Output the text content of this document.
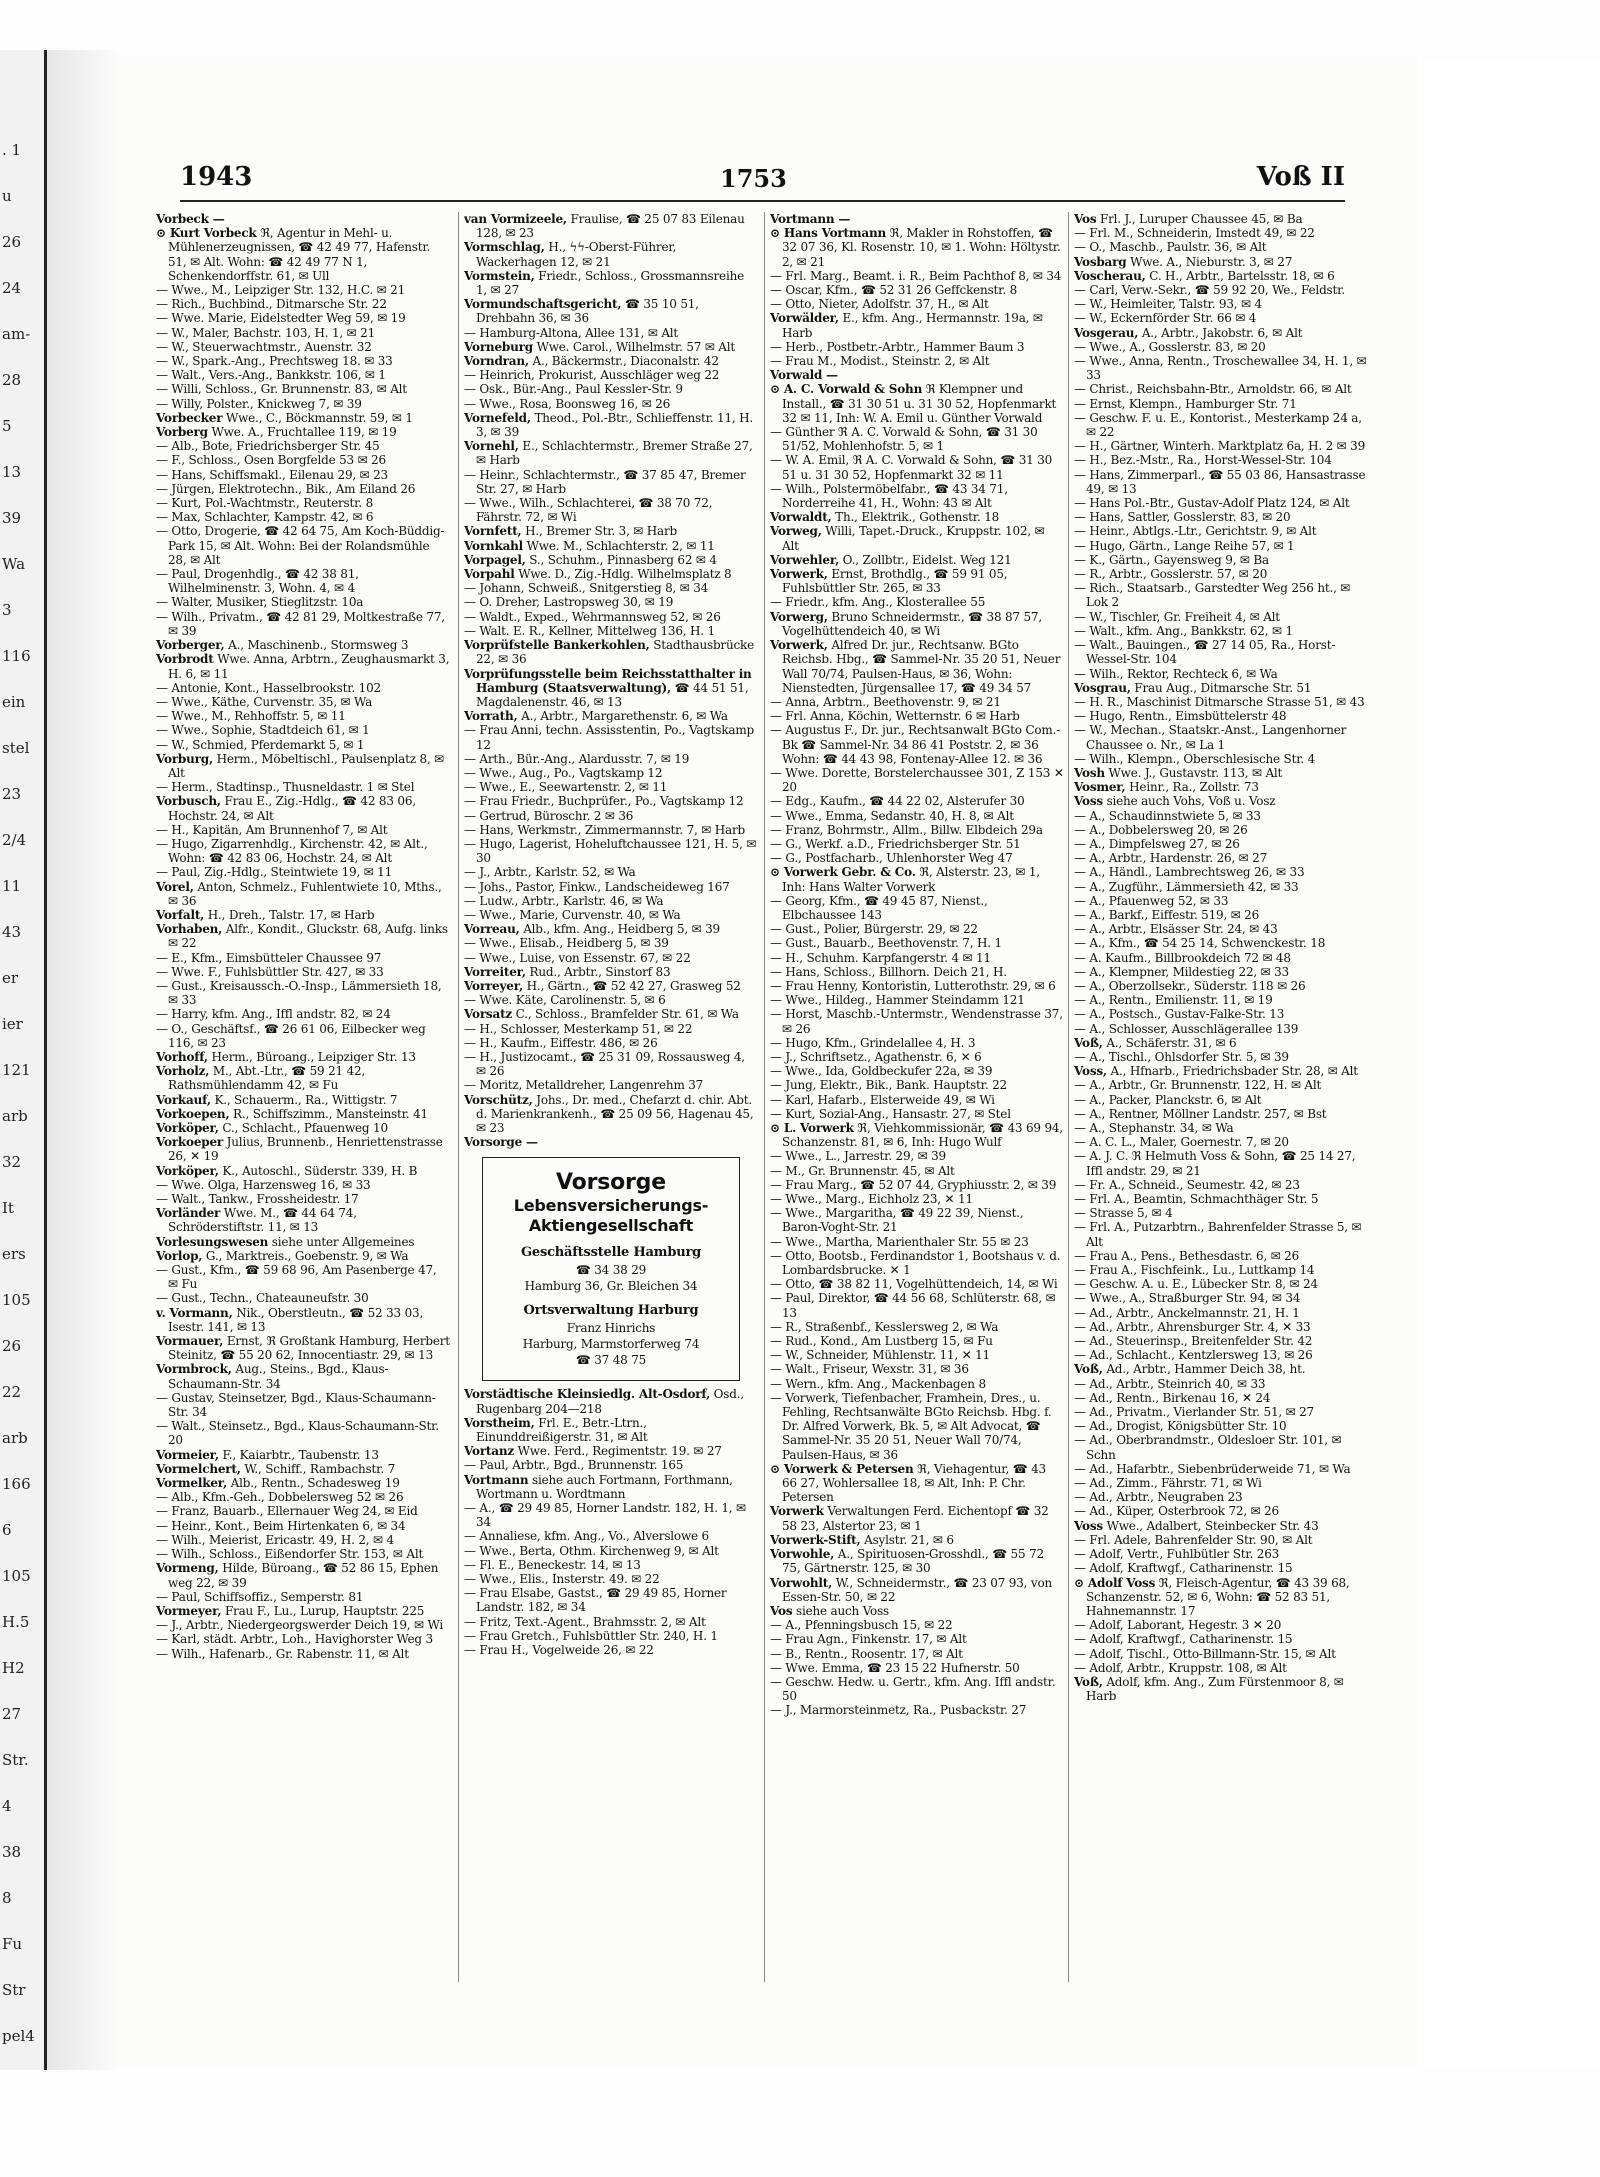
. 1
u
26
24
am-
28
5
13
39
Wa
3
116
ein
stel
23
2/4
11
43
er
ier
121
arb
32
It
ers
105
26
22
arb
166
6
105
H.5
H2
27
Str.
4
38
8
Fu
Str
pel4
1943	1753	Voß II

Vorbeck —

⊙ Kurt Vorbeck ℜ, Agentur in Mehl- u. Mühlenerzeugnissen, ☎ 42 49 77, Hafenstr. 51, ✉ Alt. Wohn: ☎ 42 49 77 N 1, Schenkendorffstr. 61, ✉ Ull

— Wwe., M., Leipziger Str. 132, H.C. ✉ 21

— Rich., Buchbind., Ditmarsche Str. 22

— Wwe. Marie, Eidelstedter Weg 59, ✉ 19

— W., Maler, Bachstr. 103, H. 1, ✉ 21

— W., Steuerwachtmstr., Auenstr. 32

— W., Spark.-Ang., Prechtsweg 18. ✉ 33

— Walt., Vers.-Ang., Bankkstr. 106, ✉ 1

— Willi, Schloss., Gr. Brunnenstr. 83, ✉ Alt

— Willy, Polster., Knickweg 7, ✉ 39

Vorbecker Wwe., C., Böckmannstr. 59, ✉ 1

Vorberg Wwe. A., Fruchtallee 119, ✉ 19

— Alb., Bote, Friedrichsberger Str. 45

— F., Schloss., Osen Borgfelde 53 ✉ 26

— Hans, Schiffsmakl., Eilenau 29, ✉ 23

— Jürgen, Elektrotechn., Bik., Am Eiland 26

— Kurt, Pol.-Wachtmstr., Reuterstr. 8

— Max, Schlachter, Kampstr. 42, ✉ 6

— Otto, Drogerie, ☎ 42 64 75, Am Koch-Büddig-Park 15, ✉ Alt. Wohn: Bei der Rolandsmühle 28, ✉ Alt

— Paul, Drogenhdlg., ☎ 42 38 81, Wilhelminenstr. 3, Wohn. 4, ✉ 4

— Walter, Musiker, Stieglitzstr. 10a

— Wilh., Privatm., ☎ 42 81 29, Moltkestraße 77, ✉ 39

Vorberger, A., Maschinenb., Stormsweg 3

Vorbrodt Wwe. Anna, Arbtrn., Zeughausmarkt 3, H. 6, ✉ 11

— Antonie, Kont., Hasselbrookstr. 102

— Wwe., Käthe, Curvenstr. 35, ✉ Wa

— Wwe., M., Rehhoffstr. 5, ✉ 11

— Wwe., Sophie, Stadtdeich 61, ✉ 1

— W., Schmied, Pferdemarkt 5, ✉ 1

Vorburg, Herm., Möbeltischl., Paulsenplatz 8, ✉ Alt

— Herm., Stadtinsp., Thusneldastr. 1 ✉ Stel

Vorbusch, Frau E., Zig.-Hdlg., ☎ 42 83 06, Hochstr. 24, ✉ Alt

— H., Kapitän, Am Brunnenhof 7, ✉ Alt

— Hugo, Zigarrenhdlg., Kirchenstr. 42, ✉ Alt., Wohn: ☎ 42 83 06, Hochstr. 24, ✉ Alt

— Paul, Zig.-Hdlg., Steintwiete 19, ✉ 11

Vorel, Anton, Schmelz., Fuhlentwiete 10, Mths., ✉ 36

Vorfalt, H., Dreh., Talstr. 17, ✉ Harb

Vorhaben, Alfr., Kondit., Gluckstr. 68, Aufg. links ✉ 22

— E., Kfm., Eimsbütteler Chaussee 97

— Wwe. F., Fuhlsbüttler Str. 427, ✉ 33

— Gust., Kreisaussch.-O.-Insp., Lämmersieth 18, ✉ 33

— Harry, kfm. Ang., Iffl andstr. 82, ✉ 24

— O., Geschäftsf., ☎ 26 61 06, Eilbecker weg 116, ✉ 23

Vorhoff, Herm., Büroang., Leipziger Str. 13

Vorholz, M., Abt.-Ltr., ☎ 59 21 42, Rathsmühlendamm 42, ✉ Fu

Vorkauf, K., Schauerm., Ra., Wittigstr. 7

Vorkoepen, R., Schiffszimm., Mansteinstr. 41

Vorköper, C., Schlacht., Pfauenweg 10

Vorkoeper Julius, Brunnenb., Henriettenstrasse 26, ✕ 19

Vorköper, K., Autoschl., Süderstr. 339, H. B

— Wwe. Olga, Harzensweg 16, ✉ 33

— Walt., Tankw., Frossheidestr. 17

Vorländer Wwe. M., ☎ 44 64 74, Schröderstiftstr. 11, ✉ 13

Vorlesungswesen siehe unter Allgemeines

Vorlop, G., Marktreis., Goebenstr. 9, ✉ Wa

— Gust., Kfm., ☎ 59 68 96, Am Pasenberge 47, ✉ Fu

— Gust., Techn., Chateauneufstr. 30

v. Vormann, Nik., Oberstleutn., ☎ 52 33 03, Isestr. 141, ✉ 13

Vormauer, Ernst, ℜ Großtank Hamburg, Herbert Steinitz, ☎ 55 20 62, Innocentiastr. 29, ✉ 13

Vormbrock, Aug., Steins., Bgd., Klaus-Schaumann-Str. 34

— Gustav, Steinsetzer, Bgd., Klaus-Schaumann-Str. 34

— Walt., Steinsetz., Bgd., Klaus-Schaumann-Str. 20

Vormeier, F., Kaiarbtr., Taubenstr. 13

Vormelchert, W., Schiff., Rambachstr. 7

Vormelker, Alb., Rentn., Schadesweg 19

— Alb., Kfm.-Geh., Dobbelersweg 52 ✉ 26

— Franz, Bauarb., Ellernauer Weg 24, ✉ Eid

— Heinr., Kont., Beim Hirtenkaten 6, ✉ 34

— Wilh., Meierist, Ericastr. 49, H. 2, ✉ 4

— Wilh., Schloss., Eißendorfer Str. 153, ✉ Alt

Vormeng, Hilde, Büroang., ☎ 52 86 15, Ephen weg 22, ✉ 39

— Paul, Schiffsoffiz., Semperstr. 81

Vormeyer, Frau F., Lu., Lurup, Hauptstr. 225

— J., Arbtr., Niedergeorgswerder Deich 19, ✉ Wi

— Karl, städt. Arbtr., Loh., Havighorster Weg 3

— Wilh., Hafenarb., Gr. Rabenstr. 11, ✉ Alt

van Vormizeele, Fraulise, ☎ 25 07 83 Eilenau 128, ✉ 23

Vormschlag, H., ϟϟ-Oberst-Führer, Wackerhagen 12, ✉ 21

Vormstein, Friedr., Schloss., Grossmannsreihe 1, ✉ 27

Vormundschaftsgericht, ☎ 35 10 51, Drehbahn 36, ✉ 36

— Hamburg-Altona, Allee 131, ✉ Alt

Vorneburg Wwe. Carol., Wilhelmstr. 57 ✉ Alt

Vorndran, A., Bäckermstr., Diaconalstr. 42

— Heinrich, Prokurist, Ausschläger weg 22

— Osk., Bür.-Ang., Paul Kessler-Str. 9

— Wwe., Rosa, Boonsweg 16, ✉ 26

Vornefeld, Theod., Pol.-Btr., Schlieffenstr. 11, H. 3, ✉ 39

Vornehl, E., Schlachtermstr., Bremer Straße 27, ✉ Harb

— Heinr., Schlachtermstr., ☎ 37 85 47, Bremer Str. 27, ✉ Harb

— Wwe., Wilh., Schlachterei, ☎ 38 70 72, Fährstr. 72, ✉ Wi

Vornfett, H., Bremer Str. 3, ✉ Harb

Vornkahl Wwe. M., Schlachterstr. 2, ✉ 11

Vorpagel, S., Schuhm., Pinnasberg 62 ✉ 4

Vorpahl Wwe. D., Zig.-Hdlg. Wilhelmsplatz 8

— Johann, Schweiß., Snitgerstieg 8, ✉ 34

— O. Dreher, Lastropsweg 30, ✉ 19

— Waldt., Exped., Wehrmannsweg 52, ✉ 26

— Walt. E. R., Kellner, Mittelweg 136, H. 1

Vorprüfstelle Bankerkohlen, Stadthausbrücke 22, ✉ 36

Vorprüfungsstelle beim Reichsstatthalter in Hamburg (Staatsverwaltung), ☎ 44 51 51, Magdalenenstr. 46, ✉ 13

Vorrath, A., Arbtr., Margarethenstr. 6, ✉ Wa

— Frau Anni, techn. Assisstentin, Po., Vagtskamp 12

— Arth., Bür.-Ang., Alardusstr. 7, ✉ 19

— Wwe., Aug., Po., Vagtskamp 12

— Wwe., E., Seewartenstr. 2, ✉ 11

— Frau Friedr., Buchprüfer., Po., Vagtskamp 12

— Gertrud, Büroschr. 2 ✉ 36

— Hans, Werkmstr., Zimmermannstr. 7, ✉ Harb

— Hugo, Lagerist, Hoheluftchaussee 121, H. 5, ✉ 30

— J., Arbtr., Karlstr. 52, ✉ Wa

— Johs., Pastor, Finkw., Landscheideweg 167

— Ludw., Arbtr., Karlstr. 46, ✉ Wa

— Wwe., Marie, Curvenstr. 40, ✉ Wa

Vorreau, Alb., kfm. Ang., Heidberg 5, ✉ 39

— Wwe., Elisab., Heidberg 5, ✉ 39

— Wwe., Luise, von Essenstr. 67, ✉ 22

Vorreiter, Rud., Arbtr., Sinstorf 83

Vorreyer, H., Gärtn., ☎ 52 42 27, Grasweg 52

— Wwe. Käte, Carolinenstr. 5, ✉ 6

Vorsatz C., Schloss., Bramfelder Str. 61, ✉ Wa

— H., Schlosser, Mesterkamp 51, ✉ 22

— H., Kaufm., Eiffestr. 486, ✉ 26

— H., Justizocamt., ☎ 25 31 09, Rossausweg 4, ✉ 26

— Moritz, Metalldreher, Langenrehm 37

Vorschütz, Johs., Dr. med., Chefarzt d. chir. Abt. d. Marienkrankenh., ☎ 25 09 56, Hagenau 45, ✉ 23

Vorsorge —

Vorsorge
Lebensversicherungs-
Aktiengesellschaft
Geschäftsstelle Hamburg
☎ 34 38 29
Hamburg 36, Gr. Bleichen 34
Ortsverwaltung Harburg
Franz Hinrichs
Harburg, Marmstorferweg 74
☎ 37 48 75

Vorstädtische Kleinsiedlg. Alt-Osdorf, Osd., Rugenbarg 204—218

Vorstheim, Frl. E., Betr.-Ltrn., Einunddreißigerstr. 31, ✉ Alt

Vortanz Wwe. Ferd., Regimentstr. 19. ✉ 27

— Paul, Arbtr., Bgd., Brunnenstr. 165

Vortmann siehe auch Fortmann, Forthmann, Wortmann u. Wordtmann

— A., ☎ 29 49 85, Horner Landstr. 182, H. 1, ✉ 34

— Annaliese, kfm. Ang., Vo., Alverslowe 6

— Wwe., Berta, Othm. Kirchenweg 9, ✉ Alt

— Fl. E., Beneckestr. 14, ✉ 13

— Wwe., Elis., Insterstr. 49. ✉ 22

— Frau Elsabe, Gastst., ☎ 29 49 85, Horner Landstr. 182, ✉ 34

— Fritz, Text.-Agent., Brahmsstr. 2, ✉ Alt

— Frau Gretch., Fuhlsbüttler Str. 240, H. 1

— Frau H., Vogelweide 26, ✉ 22

Vortmann —

⊙ Hans Vortmann ℜ, Makler in Rohstoffen, ☎ 32 07 36, Kl. Rosenstr. 10, ✉ 1. Wohn: Höltystr. 2, ✉ 21

— Frl. Marg., Beamt. i. R., Beim Pachthof 8, ✉ 34

— Oscar, Kfm., ☎ 52 31 26 Geffckenstr. 8

— Otto, Nieter, Adolfstr. 37, H., ✉ Alt

Vorwälder, E., kfm. Ang., Hermannstr. 19a, ✉ Harb

— Herb., Postbetr.-Arbtr., Hammer Baum 3

— Frau M., Modist., Steinstr. 2, ✉ Alt

Vorwald —

⊙ A. C. Vorwald & Sohn ℜ Klempner und Install., ☎ 31 30 51 u. 31 30 52, Hopfenmarkt 32 ✉ 11, Inh: W. A. Emil u. Günther Vorwald

— Günther ℜ A. C. Vorwald & Sohn, ☎ 31 30 51/52, Mohlenhofstr. 5, ✉ 1

— W. A. Emil, ℜ A. C. Vorwald & Sohn, ☎ 31 30 51 u. 31 30 52, Hopfenmarkt 32 ✉ 11

— Wilh., Polstermöbelfabr., ☎ 43 34 71, Norderreihe 41, H., Wohn: 43 ✉ Alt

Vorwaldt, Th., Elektrik., Gothenstr. 18

Vorweg, Willi, Tapet.-Druck., Kruppstr. 102, ✉ Alt

Vorwehler, O., Zollbtr., Eidelst. Weg 121

Vorwerk, Ernst, Brothdlg., ☎ 59 91 05, Fuhlsbüttler Str. 265, ✉ 33

— Friedr., kfm. Ang., Klosterallee 55

Vorwerg, Bruno Schneidermstr., ☎ 38 87 57, Vogelhüttendeich 40, ✉ Wi

Vorwerk, Alfred Dr. jur., Rechtsanw. BGto Reichsb. Hbg., ☎ Sammel-Nr. 35 20 51, Neuer Wall 70/74, Paulsen-Haus, ✉ 36, Wohn: Nienstedten, Jürgensallee 17, ☎ 49 34 57

— Anna, Arbtrn., Beethovenstr. 9, ✉ 21

— Frl. Anna, Köchin, Wetternstr. 6 ✉ Harb

— Augustus F., Dr. jur., Rechtsanwalt BGto Com.-Bk ☎ Sammel-Nr. 34 86 41 Poststr. 2, ✉ 36 Wohn: ☎ 44 43 98, Fontenay-Allee 12. ✉ 36

— Wwe. Dorette, Borstelerchaussee 301, Z 153 ✕ 20

— Edg., Kaufm., ☎ 44 22 02, Alsterufer 30

— Wwe., Emma, Sedanstr. 40, H. 8, ✉ Alt

— Franz, Bohrmstr., Allm., Billw. Elbdeich 29a

— G., Werkf. a.D., Friedrichsberger Str. 51

— G., Postfacharb., Uhlenhorster Weg 47

⊙ Vorwerk Gebr. & Co. ℜ, Alsterstr. 23, ✉ 1, Inh: Hans Walter Vorwerk

— Georg, Kfm., ☎ 49 45 87, Nienst., Elbchaussee 143

— Gust., Polier, Bürgerstr. 29, ✉ 22

— Gust., Bauarb., Beethovenstr. 7, H. 1

— H., Schuhm. Karpfangerstr. 4 ✉ 11

— Hans, Schloss., Billhorn. Deich 21, H.

— Frau Henny, Kontoristin, Lutterothstr. 29, ✉ 6

— Wwe., Hildeg., Hammer Steindamm 121

— Horst, Maschb.-Untermstr., Wendenstrasse 37, ✉ 26

— Hugo, Kfm., Grindelallee 4, H. 3

— J., Schriftsetz., Agathenstr. 6, ✕ 6

— Wwe., Ida, Goldbeckufer 22a, ✉ 39

— Jung, Elektr., Bik., Bank. Hauptstr. 22

— Karl, Hafarb., Elsterweide 49, ✉ Wi

— Kurt, Sozial-Ang., Hansastr. 27, ✉ Stel

⊙ L. Vorwerk ℜ, Viehkommissionär, ☎ 43 69 94, Schanzenstr. 81, ✉ 6, Inh: Hugo Wulf

— Wwe., L., Jarrestr. 29, ✉ 39

— M., Gr. Brunnenstr. 45, ✉ Alt

— Frau Marg., ☎ 52 07 44, Gryphiusstr. 2, ✉ 39

— Wwe., Marg., Eichholz 23, ✕ 11

— Wwe., Margaritha, ☎ 49 22 39, Nienst., Baron-Voght-Str. 21

— Wwe., Martha, Marienthaler Str. 55 ✉ 23

— Otto, Bootsb., Ferdinandstor 1, Bootshaus v. d. Lombardsbrucke. ✕ 1

— Otto, ☎ 38 82 11, Vogelhüttendeich, 14, ✉ Wi

— Paul, Direktor, ☎ 44 56 68, Schlüterstr. 68, ✉ 13

— R., Straßenbf., Kesslersweg 2, ✉ Wa

— Rud., Kond., Am Lustberg 15, ✉ Fu

— W., Schneider, Mühlenstr. 11, ✕ 11

— Walt., Friseur, Wexstr. 31, ✉ 36

— Wern., kfm. Ang., Mackenbagen 8

— Vorwerk, Tiefenbacher, Framhein, Dres., u. Fehling, Rechtsanwälte BGto Reichsb. Hbg. f. Dr. Alfred Vorwerk, Bk. 5, ✉ Alt Advocat, ☎ Sammel-Nr. 35 20 51, Neuer Wall 70/74, Paulsen-Haus, ✉ 36

⊙ Vorwerk & Petersen ℜ, Viehagentur, ☎ 43 66 27, Wohlersallee 18, ✉ Alt, Inh: P. Chr. Petersen

Vorwerk Verwaltungen Ferd. Eichentopf ☎ 32 58 23, Alstertor 23, ✉ 1

Vorwerk-Stift, Asylstr. 21, ✉ 6

Vorwohle, A., Spirituosen-Grosshdl., ☎ 55 72 75, Gärtnerstr. 125, ✉ 30

Vorwohlt, W., Schneidermstr., ☎ 23 07 93, von Essen-Str. 50, ✉ 22

Vos siehe auch Voss

— A., Pfenningsbusch 15, ✉ 22

— Frau Agn., Finkenstr. 17, ✉ Alt

— B., Rentn., Roosentr. 17, ✉ Alt

— Wwe. Emma, ☎ 23 15 22 Hufnerstr. 50

— Geschw. Hedw. u. Gertr., kfm. Ang. Iffl andstr. 50

— J., Marmorsteinmetz, Ra., Pusbackstr. 27

Vos Frl. J., Luruper Chaussee 45, ✉ Ba

— Frl. M., Schneiderin, Imstedt 49, ✉ 22

— O., Maschb., Paulstr. 36, ✉ Alt

Vosbarg Wwe. A., Nieburstr. 3, ✉ 27

Voscherau, C. H., Arbtr., Bartelsstr. 18, ✉ 6

— Carl, Verw.-Sekr., ☎ 59 92 20, We., Feldstr.

— W., Heimleiter, Talstr. 93, ✉ 4

— W., Eckernförder Str. 66 ✉ 4

Vosgerau, A., Arbtr., Jakobstr. 6, ✉ Alt

— Wwe., A., Gosslerstr. 83, ✉ 20

— Wwe., Anna, Rentn., Troschewallee 34, H. 1, ✉ 33

— Christ., Reichsbahn-Btr., Arnoldstr. 66, ✉ Alt

— Ernst, Klempn., Hamburger Str. 71

— Geschw. F. u. E., Kontorist., Mesterkamp 24 a, ✉ 22

— H., Gärtner, Winterh. Marktplatz 6a, H. 2 ✉ 39

— H., Bez.-Mstr., Ra., Horst-Wessel-Str. 104

— Hans, Zimmerparl., ☎ 55 03 86, Hansastrasse 49, ✉ 13

— Hans Pol.-Btr., Gustav-Adolf Platz 124, ✉ Alt

— Hans, Sattler, Gosslerstr. 83, ✉ 20

— Heinr., Abtlgs.-Ltr., Gerichtstr. 9, ✉ Alt

— Hugo, Gärtn., Lange Reihe 57, ✉ 1

— K., Gärtn., Gayensweg 9, ✉ Ba

— R., Arbtr., Gosslerstr. 57, ✉ 20

— Rich., Staatsarb., Garstedter Weg 256 ht., ✉ Lok 2

— W., Tischler, Gr. Freiheit 4, ✉ Alt

— Walt., kfm. Ang., Bankkstr. 62, ✉ 1

— Walt., Bauingen., ☎ 27 14 05, Ra., Horst-Wessel-Str. 104

— Wilh., Rektor, Rechteck 6, ✉ Wa

Vosgrau, Frau Aug., Ditmarsche Str. 51

— H. R., Maschinist Ditmarsche Strasse 51, ✉ 43

— Hugo, Rentn., Eimsbüttelerstr 48

— W., Mechan., Staatskr.-Anst., Langenhorner Chaussee o. Nr., ✉ La 1

— Wilh., Klempn., Oberschlesische Str. 4

Vosh Wwe. J., Gustavstr. 113, ✉ Alt

Vosmer, Heinr., Ra., Zollstr. 73

Voss siehe auch Vohs, Voß u. Vosz

— A., Schaudinnstwiete 5, ✉ 33

— A., Dobbelersweg 20, ✉ 26

— A., Dimpfelsweg 27, ✉ 26

— A., Arbtr., Hardenstr. 26, ✉ 27

— A., Händl., Lambrechtsweg 26, ✉ 33

— A., Zugführ., Lämmersieth 42, ✉ 33

— A., Pfauenweg 52, ✉ 33

— A., Barkf., Eiffestr. 519, ✉ 26

— A., Arbtr., Elsässer Str. 24, ✉ 43

— A., Kfm., ☎ 54 25 14, Schwenckestr. 18

— A. Kaufm., Billbrookdeich 72 ✉ 48

— A., Klempner, Mildestieg 22, ✉ 33

— A., Oberzollsekr., Süderstr. 118 ✉ 26

— A., Rentn., Emilienstr. 11, ✉ 19

— A., Postsch., Gustav-Falke-Str. 13

— A., Schlosser, Ausschlägerallee 139

Voß, A., Schäferstr. 31, ✉ 6

— A., Tischl., Ohlsdorfer Str. 5, ✉ 39

Voss, A., Hfnarb., Friedrichsbader Str. 28, ✉ Alt

— A., Arbtr., Gr. Brunnenstr. 122, H. ✉ Alt

— A., Packer, Planckstr. 6, ✉ Alt

— A., Rentner, Möllner Landstr. 257, ✉ Bst

— A., Stephanstr. 34, ✉ Wa

— A. C. L., Maler, Goernestr. 7, ✉ 20

— A. J. C. ℜ Helmuth Voss & Sohn, ☎ 25 14 27, Iffl andstr. 29, ✉ 21

— Fr. A., Schneid., Seumestr. 42, ✉ 23

— Frl. A., Beamtin, Schmachthäger Str. 5

— Strasse 5, ✉ 4

— Frl. A., Putzarbtrn., Bahrenfelder Strasse 5, ✉ Alt

— Frau A., Pens., Bethesdastr. 6, ✉ 26

— Frau A., Fischfeink., Lu., Luttkamp 14

— Geschw. A. u. E., Lübecker Str. 8, ✉ 24

— Wwe., A., Straßburger Str. 94, ✉ 34

— Ad., Arbtr., Anckelmannstr. 21, H. 1

— Ad., Arbtr., Ahrensburger Str. 4, ✕ 33

— Ad., Steuerinsp., Breitenfelder Str. 42

— Ad., Schlacht., Kentzlersweg 13, ✉ 26

Voß, Ad., Arbtr., Hammer Deich 38, ht.

— Ad., Arbtr., Steinrich 40, ✉ 33

— Ad., Rentn., Birkenau 16, ✕ 24

— Ad., Privatm., Vierlander Str. 51, ✉ 27

— Ad., Drogist, Königsbütter Str. 10

— Ad., Oberbrandmstr., Oldesloer Str. 101, ✉ Schn

— Ad., Hafarbtr., Siebenbrüderweide 71, ✉ Wa

— Ad., Zimm., Fährstr. 71, ✉ Wi

— Ad., Arbtr., Neugraben 23

— Ad., Küper, Osterbrook 72, ✉ 26

Voss Wwe., Adalbert, Steinbecker Str. 43

— Frl. Adele, Bahrenfelder Str. 90, ✉ Alt

— Adolf, Vertr., Fuhlbütler Str. 263

— Adolf, Kraftwgf., Catharinenstr. 15

⊙ Adolf Voss ℜ, Fleisch-Agentur, ☎ 43 39 68, Schanzenstr. 52, ✉ 6, Wohn: ☎ 52 83 51, Hahnemannstr. 17

— Adolf, Laborant, Hegestr. 3 ✕ 20

— Adolf, Kraftwgf., Catharinenstr. 15

— Adolf, Tischl., Otto-Billmann-Str. 15, ✉ Alt

— Adolf, Arbtr., Kruppstr. 108, ✉ Alt

Voß, Adolf, kfm. Ang., Zum Fürstenmoor 8, ✉ Harb
